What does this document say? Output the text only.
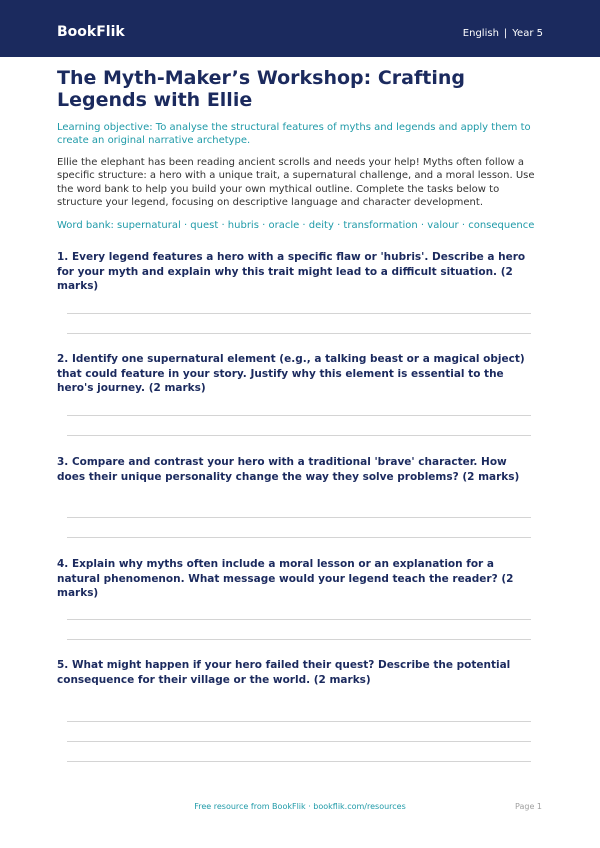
BookFlik	English | Year 5
The Myth-Maker’s Workshop: Crafting Legends with Ellie

Learning objective: To analyse the structural features of myths and legends and apply them to create an original narrative archetype.

Ellie the elephant has been reading ancient scrolls and needs your help! Myths often follow a specific structure: a hero with a unique trait, a supernatural challenge, and a moral lesson. Use the word bank to help you build your own mythical outline. Complete the tasks below to structure your legend, focusing on descriptive language and character development.

Word bank: supernatural · quest · hubris · oracle · deity · transformation · valour · consequence

1. Every legend features a hero with a specific flaw or 'hubris'. Describe a hero for your myth and explain why this trait might lead to a difficult situation. (2 marks)

2. Identify one supernatural element (e.g., a talking beast or a magical object) that could feature in your story. Justify why this element is essential to the hero's journey. (2 marks)

3. Compare and contrast your hero with a traditional 'brave' character. How does their unique personality change the way they solve problems? (2 marks)

4. Explain why myths often include a moral lesson or an explanation for a natural phenomenon. What message would your legend teach the reader? (2 marks)

5. What might happen if your hero failed their quest? Describe the potential consequence for their village or the world. (2 marks)

Free resource from BookFlik · bookflik.com/resources	Page 1
